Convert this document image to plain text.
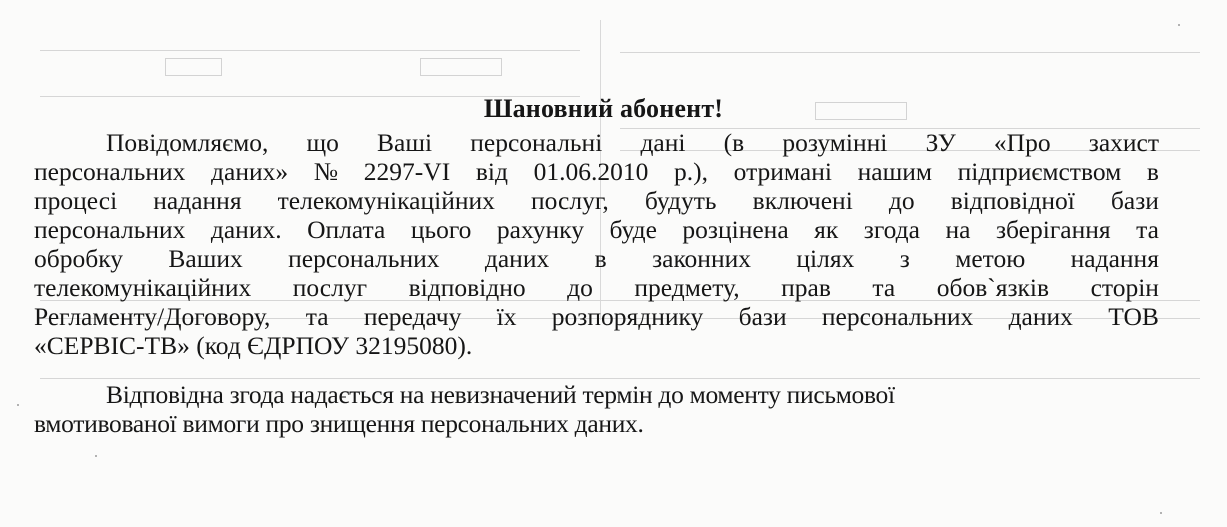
Шановний абонент!
Повідомляємо, що Ваші персональні дані (в розумінні ЗУ «Про захист
персональних даних» № 2297-VI від 01.06.2010 р.), отримані нашим підприємством в
процесі надання телекомунікаційних послуг, будуть включені до відповідної бази
персональних даних. Оплата цього рахунку буде розцінена як згода на зберігання та
обробку Ваших персональних даних в законних цілях з метою надання
телекомунікаційних послуг відповідно до предмету, прав та обов`язків сторін
Регламенту/Договору, та передачу їх розпоряднику бази персональних даних ТОВ
«СЕРВІС-ТВ» (код ЄДРПОУ 32195080).
Відповідна згода надається на невизначений термін до моменту письмової
вмотивованої вимоги про знищення персональних даних.
